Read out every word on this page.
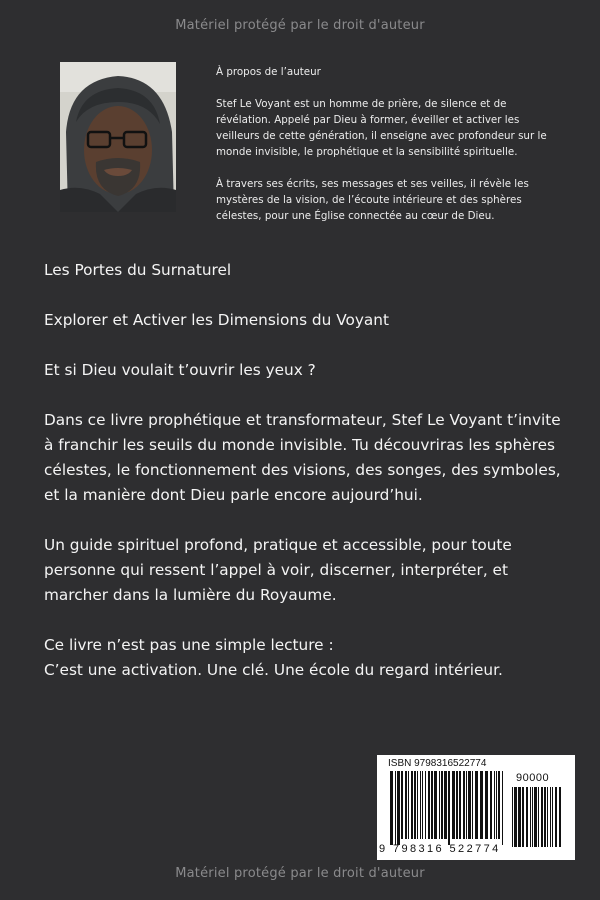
Matériel protégé par le droit d'auteur

À propos de l’auteur

Stef Le Voyant est un homme de prière, de silence et de révélation. Appelé par Dieu à former, éveiller et activer les veilleurs de cette génération, il enseigne avec profondeur sur le monde invisible, le prophétique et la sensibilité spirituelle.

À travers ses écrits, ses messages et ses veilles, il révèle les mystères de la vision, de l’écoute intérieure et des sphères célestes, pour une Église connectée au cœur de Dieu.

Les Portes du Surnaturel

Explorer et Activer les Dimensions du Voyant

Et si Dieu voulait t’ouvrir les yeux ?

Dans ce livre prophétique et transformateur, Stef Le Voyant t’invite à franchir les seuils du monde invisible. Tu découvriras les sphères célestes, le fonctionnement des visions, des songes, des symboles, et la manière dont Dieu parle encore aujourd’hui.

Un guide spirituel profond, pratique et accessible, pour toute personne qui ressent l’appel à voir, discerner, interpréter, et marcher dans la lumière du Royaume.

Ce livre n’est pas une simple lecture :

C’est une activation. Une clé. Une école du regard intérieur.

ISBN 9798316522774
90000
9 798316 522774
Matériel protégé par le droit d'auteur
